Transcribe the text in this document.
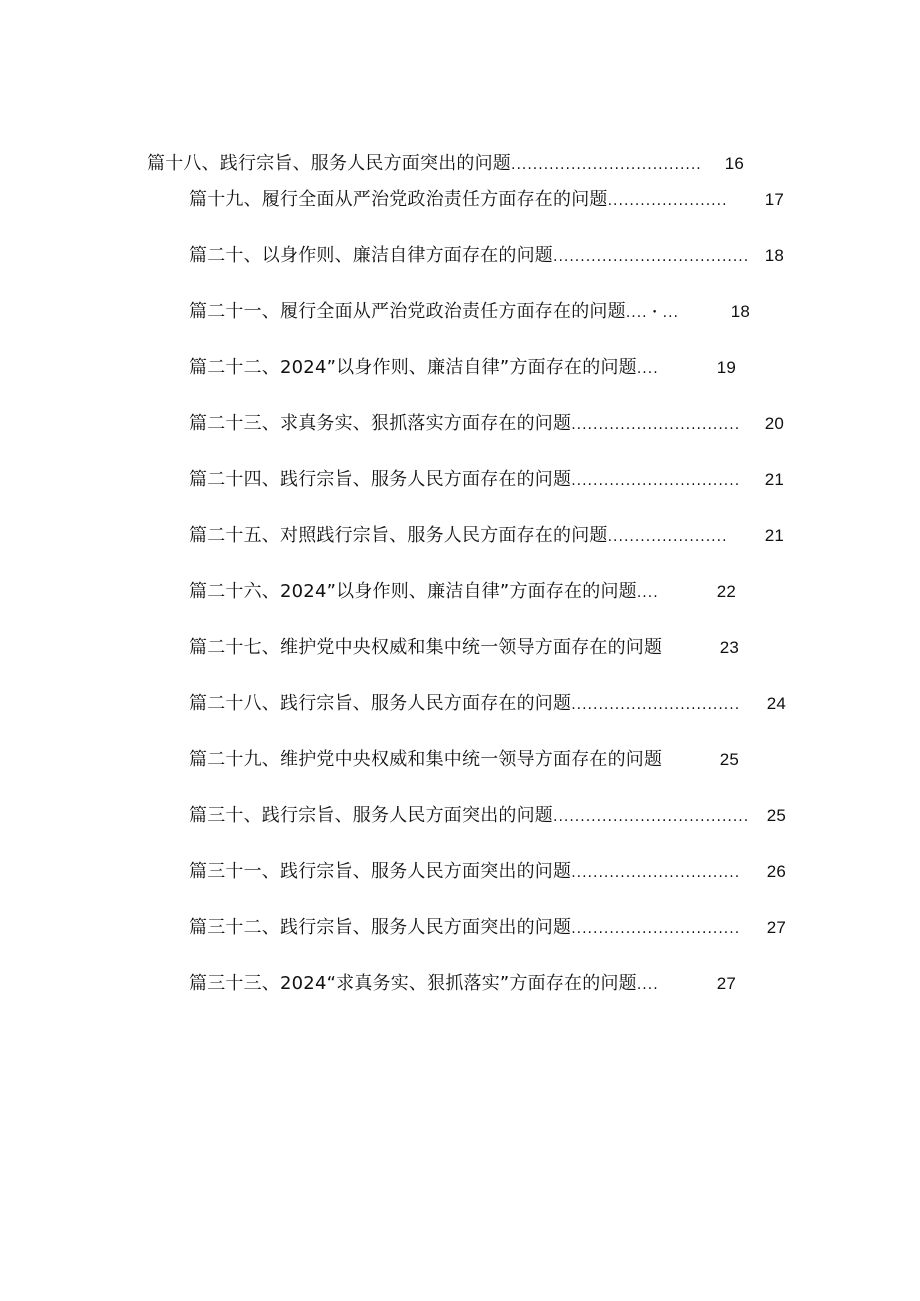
篇十八、践行宗旨、服务人民方面突出的问题 ...................................	16
篇十九、履行全面从严治党政治责任方面存在的问题 ......................	17
篇二十、以身作则、廉洁自律方面存在的问题 .................................... 18
篇二十一、履行全面从严治党政治责任方面存在的问题 ....・...	18
篇二十二、2024”以身作则、廉洁自律”方面存在的问题 ....	19
篇二十三、求真务实、狠抓落实方面存在的问题 ...............................	20
篇二十四、践行宗旨、服务人民方面存在的问题 ...............................	21
篇二十五、对照践行宗旨、服务人民方面存在的问题 ......................	21
篇二十六、2024”以身作则、廉洁自律”方面存在的问题 ....	22
篇二十七、维护党中央权威和集中统一领导方面存在的问题	23
篇二十八、践行宗旨、服务人民方面存在的问题 ...............................	24
篇二十九、维护党中央权威和集中统一领导方面存在的问题	25
篇三十、践行宗旨、服务人民方面突出的问题 ....................................	25
篇三十一、践行宗旨、服务人民方面突出的问题 ...............................	26
篇三十二、践行宗旨、服务人民方面突出的问题 ...............................	27
篇三十三、2024“求真务实、狠抓落实”方面存在的问题 ....	27
